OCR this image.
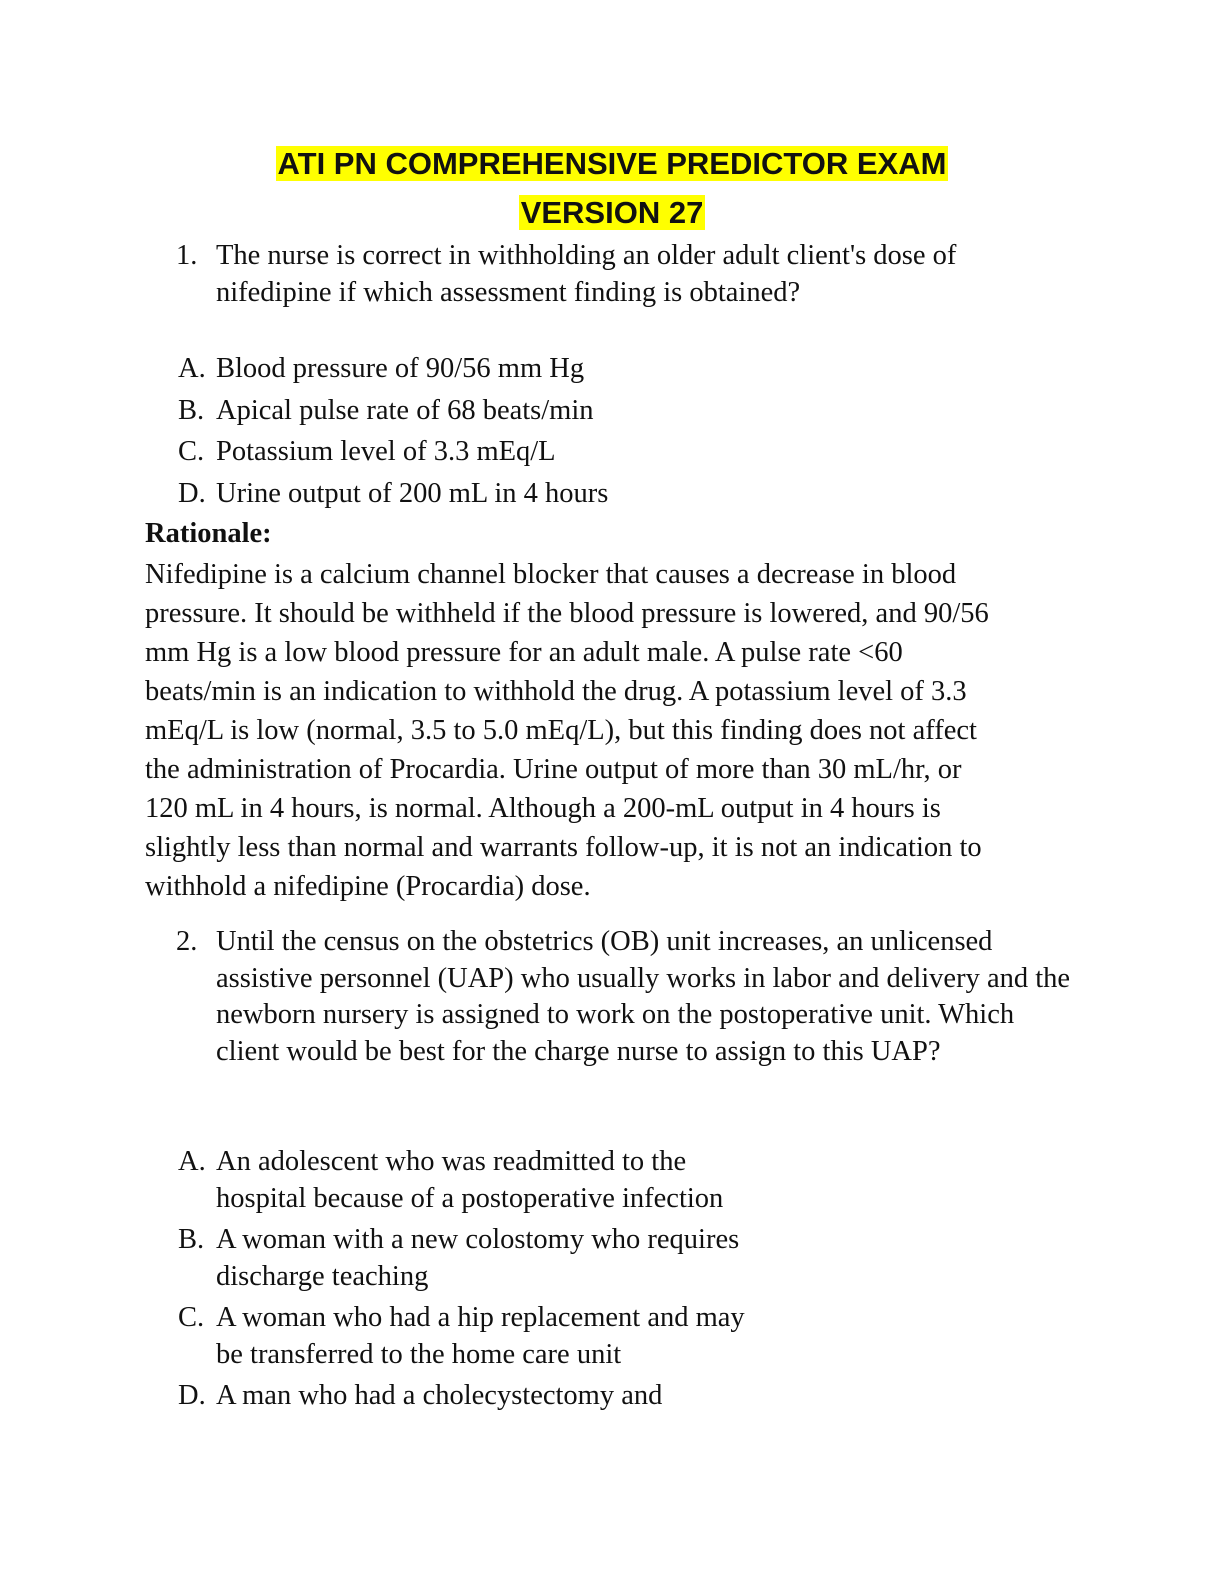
ATI PN COMPREHENSIVE PREDICTOR EXAM
VERSION 27
1. The nurse is correct in withholding an older adult client's dose of nifedipine if which assessment finding is obtained?
A. Blood pressure of 90/56 mm Hg
B. Apical pulse rate of 68 beats/min
C. Potassium level of 3.3 mEq/L
D. Urine output of 200 mL in 4 hours
Rationale:
Nifedipine is a calcium channel blocker that causes a decrease in blood
pressure. It should be withheld if the blood pressure is lowered, and 90/56
mm Hg is a low blood pressure for an adult male. A pulse rate <60
beats/min is an indication to withhold the drug. A potassium level of 3.3
mEq/L is low (normal, 3.5 to 5.0 mEq/L), but this finding does not affect
the administration of Procardia. Urine output of more than 30 mL/hr, or
120 mL in 4 hours, is normal. Although a 200-mL output in 4 hours is
slightly less than normal and warrants follow-up, it is not an indication to
withhold a nifedipine (Procardia) dose.
2. Until the census on the obstetrics (OB) unit increases, an unlicensed assistive personnel (UAP) who usually works in labor and delivery and the newborn nursery is assigned to work on the postoperative unit. Which client would be best for the charge nurse to assign to this UAP?
A. An adolescent who was readmitted to the hospital because of a postoperative infection
B. A woman with a new colostomy who requires discharge teaching
C. A woman who had a hip replacement and may be transferred to the home care unit
D. A man who had a cholecystectomy and
